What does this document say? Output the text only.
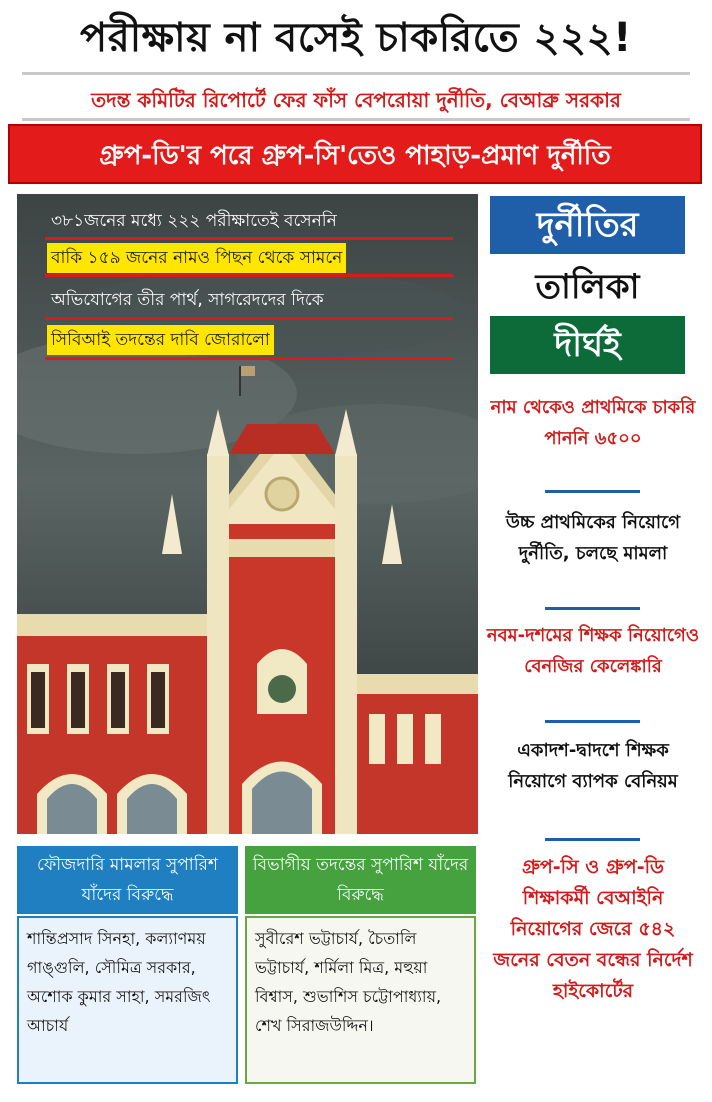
পরীক্ষায় না বসেই চাকরিতে ২২২!
তদন্ত কমিটির রিপোর্টে ফের ফাঁস বেপরোয়া দুর্নীতি, বেআব্রু সরকার
গ্রুপ-ডি'র পরে গ্রুপ-সি'তেও পাহাড়-প্রমাণ দুর্নীতি
৩৮১জনের মধ্যে ২২২ পরীক্ষাতেই বসেননি
বাকি ১৫৯ জনের নামও পিছন থেকে সামনে
অভিযোগের তীর পার্থ, সাগরেদদের দিকে
সিবিআই তদন্তের দাবি জোরালো
দুর্নীতির
তালিকা
দীর্ঘই
নাম থেকেও প্রাথমিকে চাকরি পাননি ৬৫০০
উচ্চ প্রাথমিকের নিয়োগে দুর্নীতি, চলছে মামলা
নবম-দশমের শিক্ষক নিয়োগেও বেনজির কেলেঙ্কারি
একাদশ-দ্বাদশে শিক্ষক নিয়োগে ব্যাপক বেনিয়ম
গ্রুপ-সি ও গ্রুপ-ডি শিক্ষাকর্মী বেআইনি নিয়োগের জেরে ৫৪২ জনের বেতন বন্ধের নির্দেশ হাইকোর্টের
ফৌজদারি মামলার সুপারিশ যাঁদের বিরুদ্ধে
শান্তিপ্রসাদ সিনহা, কল্যাণময় গাঙ্গুলি, সৌমিত্র সরকার, অশোক কুমার সাহা, সমরজিৎ আচার্য
বিভাগীয় তদন্তের সুপারিশ যাঁদের বিরুদ্ধে
সুবীরেশ ভট্টাচার্য, চৈতালি ভট্টাচার্য, শর্মিলা মিত্র, মহুয়া বিশ্বাস, শুভাশিস চট্টোপাধ্যায়, শেখ সিরাজউদ্দিন।
